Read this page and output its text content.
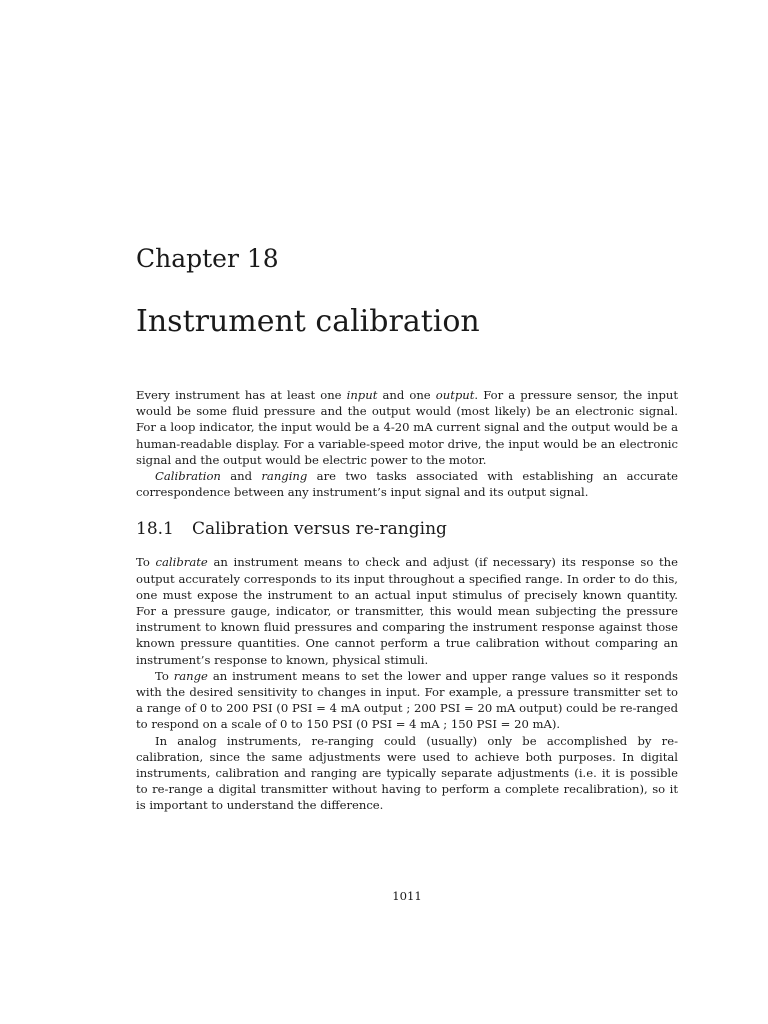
Chapter 18
Instrument calibration

Every instrument has at least one input and one output. For a pressure sensor, the input would be some fluid pressure and the output would (most likely) be an electronic signal. For a loop indicator, the input would be a 4-20 mA current signal and the output would be a human-readable display. For a variable-speed motor drive, the input would be an electronic signal and the output would be electric power to the motor.

Calibration and ranging are two tasks associated with establishing an accurate correspondence between any instrument’s input signal and its output signal.

18.1 Calibration versus re-ranging

To calibrate an instrument means to check and adjust (if necessary) its response so the output accurately corresponds to its input throughout a specified range. In order to do this, one must expose the instrument to an actual input stimulus of precisely known quantity. For a pressure gauge, indicator, or transmitter, this would mean subjecting the pressure instrument to known fluid pressures and comparing the instrument response against those known pressure quantities. One cannot perform a true calibration without comparing an instrument’s response to known, physical stimuli.

To range an instrument means to set the lower and upper range values so it responds with the desired sensitivity to changes in input. For example, a pressure transmitter set to a range of 0 to 200 PSI (0 PSI = 4 mA output ; 200 PSI = 20 mA output) could be re-ranged to respond on a scale of 0 to 150 PSI (0 PSI = 4 mA ; 150 PSI = 20 mA).

In analog instruments, re-ranging could (usually) only be accomplished by re-calibration, since the same adjustments were used to achieve both purposes. In digital instruments, calibration and ranging are typically separate adjustments (i.e. it is possible to re-range a digital transmitter without having to perform a complete recalibration), so it is important to understand the difference.

1011
